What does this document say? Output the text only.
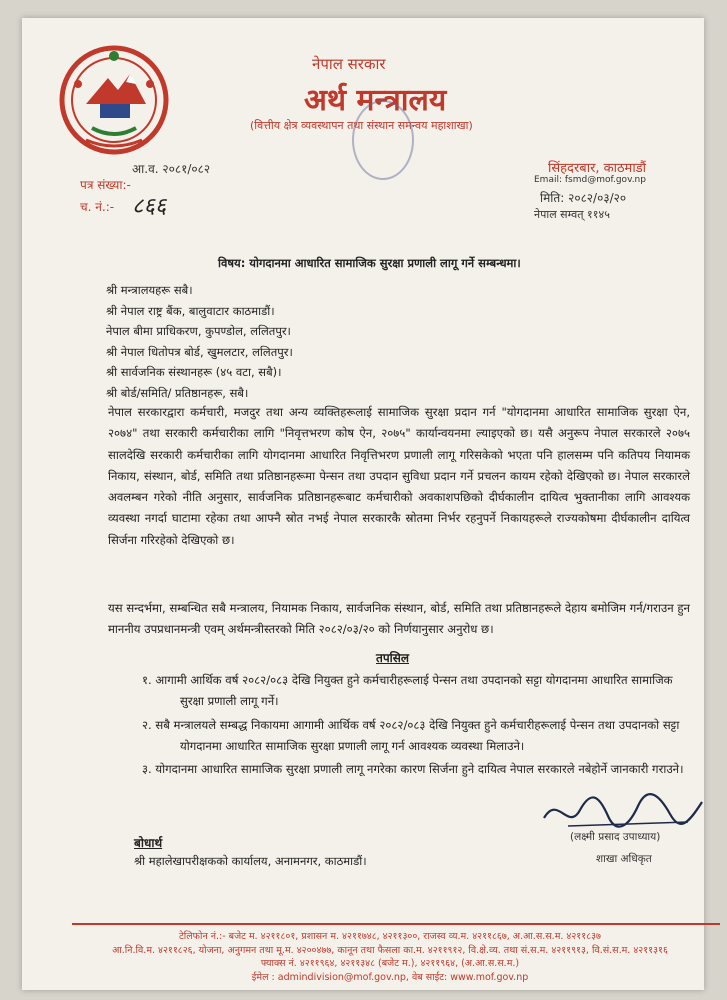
नेपाल सरकार

अर्थ मन्त्रालय

(वित्तीय क्षेत्र व्यवस्थापन तथा संस्थान समन्वय महाशाखा)

आ.व. २०८१/०८२

पत्र संख्या:-

च. नं.:- ८६६

सिंहदरबार, काठमाडौं

Email: fsmd@mof.gov.np

मिति: २०८२/०३/२०

नेपाल सम्वत् ११४५

विषय: योगदानमा आधारित सामाजिक सुरक्षा प्रणाली लागू गर्ने सम्बन्धमा।

श्री मन्त्रालयहरू सबै।
श्री नेपाल राष्ट्र बैंक, बालुवाटार काठमाडौं।
नेपाल बीमा प्राधिकरण, कुपण्डोल, ललितपुर।
श्री नेपाल धितोपत्र बोर्ड, खुमलटार, ललितपुर।
श्री सार्वजनिक संस्थानहरू (४५ वटा, सबै)।
श्री बोर्ड/समिति/ प्रतिष्ठानहरू, सबै।

नेपाल सरकारद्वारा कर्मचारी, मजदुर तथा अन्य व्यक्तिहरूलाई सामाजिक सुरक्षा प्रदान गर्न "योगदानमा आधारित सामाजिक सुरक्षा ऐन, २०७४" तथा सरकारी कर्मचारीका लागि "निवृत्तभरण कोष ऐन, २०७५" कार्यान्वयनमा ल्याइएको छ। यसै अनुरूप नेपाल सरकारले २०७५ सालदेखि सरकारी कर्मचारीका लागि योगदानमा आधारित निवृत्तिभरण प्रणाली लागू गरिसकेको भएता पनि हालसम्म पनि कतिपय नियामक निकाय, संस्थान, बोर्ड, समिति तथा प्रतिष्ठानहरूमा पेन्सन तथा उपदान सुविधा प्रदान गर्ने प्रचलन कायम रहेको देखिएको छ। नेपाल सरकारले अवलम्बन गरेको नीति अनुसार, सार्वजनिक प्रतिष्ठानहरूबाट कर्मचारीको अवकाशपछिको दीर्घकालीन दायित्व भुक्तानीका लागि आवश्यक व्यवस्था नगर्दा घाटामा रहेका तथा आफ्नै स्रोत नभई नेपाल सरकारकै स्रोतमा निर्भर रहनुपर्ने निकायहरूले राज्यकोषमा दीर्घकालीन दायित्व सिर्जना गरिरहेको देखिएको छ।

यस सन्दर्भमा, सम्बन्धित सबै मन्त्रालय, नियामक निकाय, सार्वजनिक संस्थान, बोर्ड, समिति तथा प्रतिष्ठानहरूले देहाय बमोजिम गर्न/गराउन हुन माननीय उपप्रधानमन्त्री एवम् अर्थमन्त्रीस्तरको मिति २०८२/०३/२० को निर्णयानुसार अनुरोध छ।

तपसिल

१. आगामी आर्थिक वर्ष २०८२/०८३ देखि नियुक्त हुने कर्मचारीहरूलाई पेन्सन तथा उपदानको सट्टा योगदानमा आधारित सामाजिक सुरक्षा प्रणाली लागू गर्ने।
२. सबै मन्त्रालयले सम्बद्ध निकायमा आगामी आर्थिक वर्ष २०८२/०८३ देखि नियुक्त हुने कर्मचारीहरूलाई पेन्सन तथा उपदानको सट्टा योगदानमा आधारित सामाजिक सुरक्षा प्रणाली लागू गर्न आवश्यक व्यवस्था मिलाउने।
३. योगदानमा आधारित सामाजिक सुरक्षा प्रणाली लागू नगरेका कारण सिर्जना हुने दायित्व नेपाल सरकारले नबेहोर्ने जानकारी गराउने।

(लक्ष्मी प्रसाद उपाध्याय)

शाखा अधिकृत

बोधार्थ

श्री महालेखापरीक्षकको कार्यालय, अनामनगर, काठमाडौं।

टेलिफोन नं.:- बजेट म. ४२११८०१, प्रशासन म. ४२११७४८, ४२११३००, राजस्व व्य.म. ४२११८६७, अ.आ.स.स.म. ४२११८३७
आ.नि.वि.म. ४२११८२६, योजना, अनुगमन तथा मू.म. ४२००४७७, कानून तथा फैसला का.म. ४२११९१२, वि.क्षे.व्य. तथा सं.स.म. ४२११९१३, वि.सं.स.म. ४२११३१६
फ्याक्स नं. ४२११९६४, ४२११३४८ (बजेट म.), ४२११९६४, (अ.आ.स.स.म.)
ईमेल : admindivision@mof.gov.np, वेब साईट: www.mof.gov.np
